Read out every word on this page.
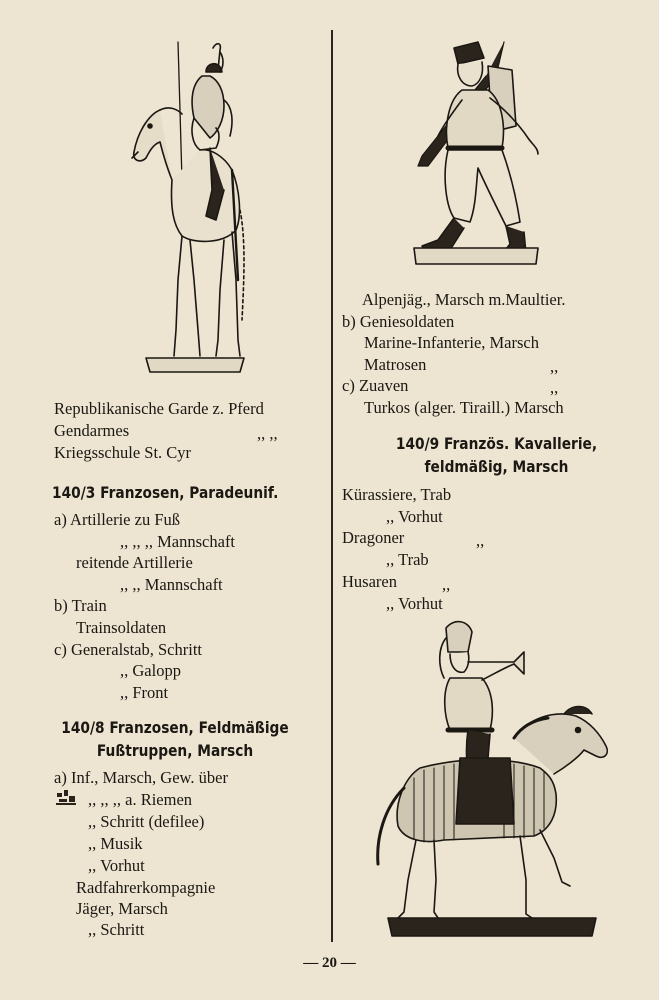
Republikanische Garde z. Pferd
Gendarmes	,, ,,
Kriegsschule St. Cyr
140/3 Franzosen, Paradeunif.
a) Artillerie zu Fuß
,, ,, ,, Mannschaft
reitende Artillerie
,, ,, Mannschaft
b) Train
Trainsoldaten
c) Generalstab, Schritt
,, Galopp
,, Front
140/8 Franzosen, Feldmäßige
Fußtruppen, Marsch
a) Inf., Marsch, Gew. über
,, ,, ,, a. Riemen
,, Schritt (defilee)
,, Musik
,, Vorhut
Radfahrerkompagnie
Jäger, Marsch
,, Schritt
Alpenjäg., Marsch m.Maultier.
b) Geniesoldaten
Marine-Infanterie, Marsch
Matrosen	,,
c) Zuaven	,,
Turkos (alger. Tiraill.) Marsch
140/9 Französ. Kavallerie,
feldmäßig, Marsch
Kürassiere, Trab
,, Vorhut
Dragoner	,,
,, Trab
Husaren	,,
,, Vorhut
— 20 —
